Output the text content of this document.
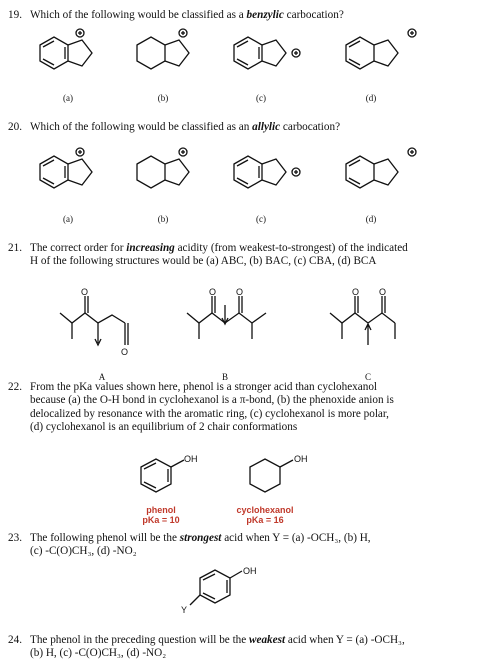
19. Which of the following would be classified as a benzylic carbocation?
(a)	(b)	(c)	(d)
20. Which of the following would be classified as an allylic carbocation?
(a)	(b)	(c)	(d)
21. The correct order for increasing acidity (from weakest-to-strongest) of the indicated
H of the following structures would be (a) ABC, (b) BAC, (c) CBA, (d) BCA
O
O
O O	O O
A	B	C
22. From the pKa values shown here, phenol is a stronger acid than cyclohexanol
because (a) the O-H bond in cyclohexanol is a π-bond, (b) the phenoxide anion is
delocalized by resonance with the aromatic ring, (c) cyclohexanol is more polar,
(d) cyclohexanol is an equilibrium of 2 chair conformations
OH
phenol
pKa = 10
OH
cyclohexanol
pKa = 16
23. The following phenol will be the strongest acid when Y = (a) -OCH₃, (b) H,
(c) -C(O)CH₃, (d) -NO₂
OH
Y
24. The phenol in the preceding question will be the weakest acid when Y = (a) -OCH₃,
(b) H, (c) -C(O)CH₃, (d) -NO₂
